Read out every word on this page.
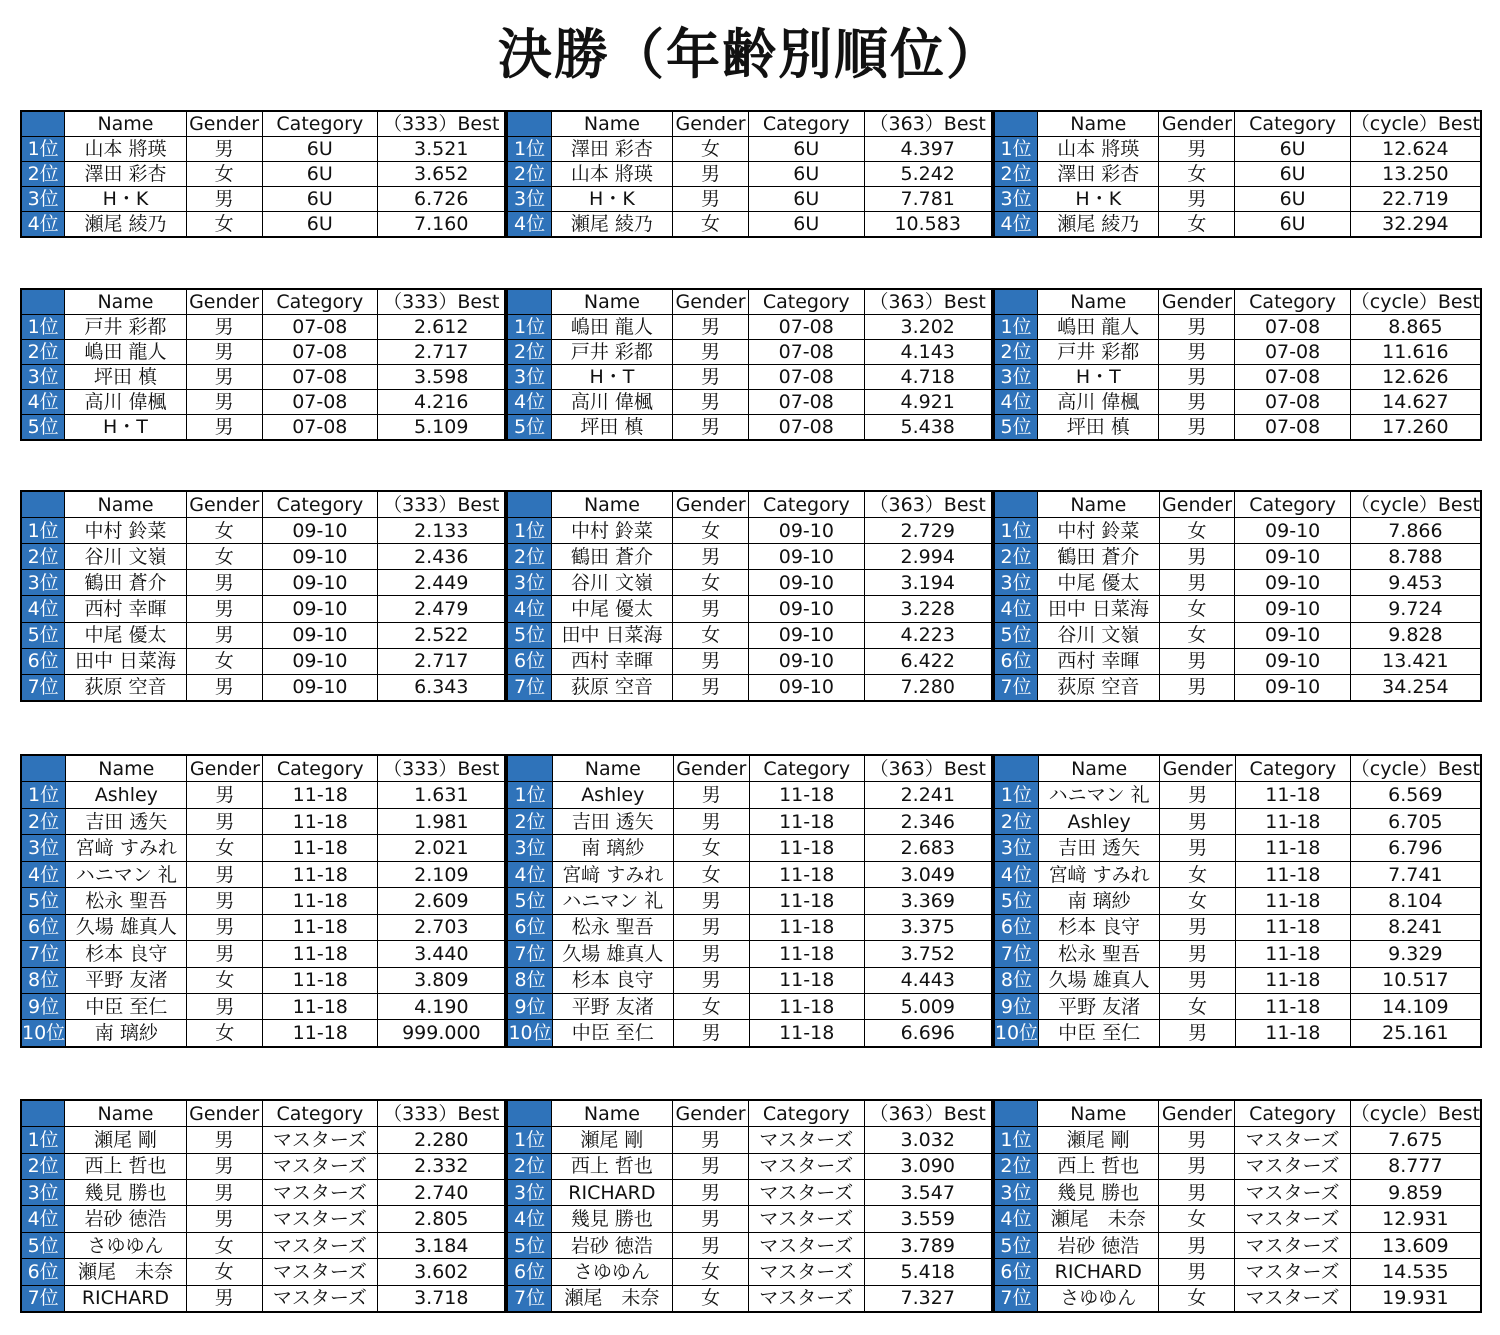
決勝（年齢別順位）
	Name	Gender	Category	（333）Best
1位	山本 將瑛	男	6U	3.521
2位	澤田 彩杏	女	6U	3.652
3位	H・K	男	6U	6.726
4位	瀬尾 綾乃	女	6U	7.160
	Name	Gender	Category	（363）Best
1位	澤田 彩杏	女	6U	4.397
2位	山本 將瑛	男	6U	5.242
3位	H・K	男	6U	7.781
4位	瀬尾 綾乃	女	6U	10.583
	Name	Gender	Category	（cycle）Best
1位	山本 將瑛	男	6U	12.624
2位	澤田 彩杏	女	6U	13.250
3位	H・K	男	6U	22.719
4位	瀬尾 綾乃	女	6U	32.294
	Name	Gender	Category	（333）Best
1位	戸井 彩都	男	07-08	2.612
2位	嶋田 龍人	男	07-08	2.717
3位	坪田 槙	男	07-08	3.598
4位	高川 偉楓	男	07-08	4.216
5位	H・T	男	07-08	5.109
	Name	Gender	Category	（363）Best
1位	嶋田 龍人	男	07-08	3.202
2位	戸井 彩都	男	07-08	4.143
3位	H・T	男	07-08	4.718
4位	高川 偉楓	男	07-08	4.921
5位	坪田 槙	男	07-08	5.438
	Name	Gender	Category	（cycle）Best
1位	嶋田 龍人	男	07-08	8.865
2位	戸井 彩都	男	07-08	11.616
3位	H・T	男	07-08	12.626
4位	高川 偉楓	男	07-08	14.627
5位	坪田 槙	男	07-08	17.260
	Name	Gender	Category	（333）Best
1位	中村 鈴菜	女	09-10	2.133
2位	谷川 文嶺	女	09-10	2.436
3位	鶴田 蒼介	男	09-10	2.449
4位	西村 幸暉	男	09-10	2.479
5位	中尾 優太	男	09-10	2.522
6位	田中 日菜海	女	09-10	2.717
7位	荻原 空音	男	09-10	6.343
	Name	Gender	Category	（363）Best
1位	中村 鈴菜	女	09-10	2.729
2位	鶴田 蒼介	男	09-10	2.994
3位	谷川 文嶺	女	09-10	3.194
4位	中尾 優太	男	09-10	3.228
5位	田中 日菜海	女	09-10	4.223
6位	西村 幸暉	男	09-10	6.422
7位	荻原 空音	男	09-10	7.280
	Name	Gender	Category	（cycle）Best
1位	中村 鈴菜	女	09-10	7.866
2位	鶴田 蒼介	男	09-10	8.788
3位	中尾 優太	男	09-10	9.453
4位	田中 日菜海	女	09-10	9.724
5位	谷川 文嶺	女	09-10	9.828
6位	西村 幸暉	男	09-10	13.421
7位	荻原 空音	男	09-10	34.254
	Name	Gender	Category	（333）Best
1位	Ashley	男	11-18	1.631
2位	吉田 透矢	男	11-18	1.981
3位	宮﨑 すみれ	女	11-18	2.021
4位	ハニマン 礼	男	11-18	2.109
5位	松永 聖吾	男	11-18	2.609
6位	久場 雄真人	男	11-18	2.703
7位	杉本 良守	男	11-18	3.440
8位	平野 友渚	女	11-18	3.809
9位	中臣 至仁	男	11-18	4.190
10位	南 璃紗	女	11-18	999.000
	Name	Gender	Category	（363）Best
1位	Ashley	男	11-18	2.241
2位	吉田 透矢	男	11-18	2.346
3位	南 璃紗	女	11-18	2.683
4位	宮﨑 すみれ	女	11-18	3.049
5位	ハニマン 礼	男	11-18	3.369
6位	松永 聖吾	男	11-18	3.375
7位	久場 雄真人	男	11-18	3.752
8位	杉本 良守	男	11-18	4.443
9位	平野 友渚	女	11-18	5.009
10位	中臣 至仁	男	11-18	6.696
	Name	Gender	Category	（cycle）Best
1位	ハニマン 礼	男	11-18	6.569
2位	Ashley	男	11-18	6.705
3位	吉田 透矢	男	11-18	6.796
4位	宮﨑 すみれ	女	11-18	7.741
5位	南 璃紗	女	11-18	8.104
6位	杉本 良守	男	11-18	8.241
7位	松永 聖吾	男	11-18	9.329
8位	久場 雄真人	男	11-18	10.517
9位	平野 友渚	女	11-18	14.109
10位	中臣 至仁	男	11-18	25.161
	Name	Gender	Category	（333）Best
1位	瀬尾 剛	男	マスターズ	2.280
2位	西上 哲也	男	マスターズ	2.332
3位	幾見 勝也	男	マスターズ	2.740
4位	岩砂 徳浩	男	マスターズ	2.805
5位	さゆゆん	女	マスターズ	3.184
6位	瀬尾　未奈	女	マスターズ	3.602
7位	RICHARD	男	マスターズ	3.718
	Name	Gender	Category	（363）Best
1位	瀬尾 剛	男	マスターズ	3.032
2位	西上 哲也	男	マスターズ	3.090
3位	RICHARD	男	マスターズ	3.547
4位	幾見 勝也	男	マスターズ	3.559
5位	岩砂 徳浩	男	マスターズ	3.789
6位	さゆゆん	女	マスターズ	5.418
7位	瀬尾　未奈	女	マスターズ	7.327
	Name	Gender	Category	（cycle）Best
1位	瀬尾 剛	男	マスターズ	7.675
2位	西上 哲也	男	マスターズ	8.777
3位	幾見 勝也	男	マスターズ	9.859
4位	瀬尾　未奈	女	マスターズ	12.931
5位	岩砂 徳浩	男	マスターズ	13.609
6位	RICHARD	男	マスターズ	14.535
7位	さゆゆん	女	マスターズ	19.931
